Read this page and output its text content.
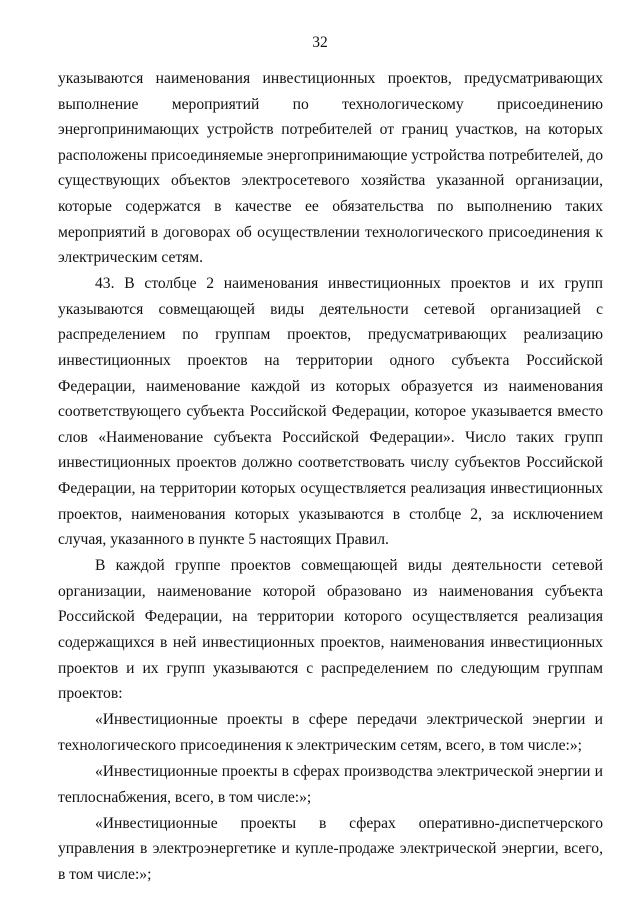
32

указываются наименования инвестиционных проектов, предусматривающих выполнение мероприятий по технологическому присоединению энергопринимающих устройств потребителей от границ участков, на которых расположены присоединяемые энергопринимающие устройства потребителей, до существующих объектов электросетевого хозяйства указанной организации, которые содержатся в качестве ее обязательства по выполнению таких мероприятий в договорах об осуществлении технологического присоединения к электрическим сетям.

43. В столбце 2 наименования инвестиционных проектов и их групп указываются совмещающей виды деятельности сетевой организацией с распределением по группам проектов, предусматривающих реализацию инвестиционных проектов на территории одного субъекта Российской Федерации, наименование каждой из которых образуется из наименования соответствующего субъекта Российской Федерации, которое указывается вместо слов «Наименование субъекта Российской Федерации». Число таких групп инвестиционных проектов должно соответствовать числу субъектов Российской Федерации, на территории которых осуществляется реализация инвестиционных проектов, наименования которых указываются в столбце 2, за исключением случая, указанного в пункте 5 настоящих Правил.

В каждой группе проектов совмещающей виды деятельности сетевой организации, наименование которой образовано из наименования субъекта Российской Федерации, на территории которого осуществляется реализация содержащихся в ней инвестиционных проектов, наименования инвестиционных проектов и их групп указываются с распределением по следующим группам проектов:

«Инвестиционные проекты в сфере передачи электрической энергии и технологического присоединения к электрическим сетям, всего, в том числе:»;

«Инвестиционные проекты в сферах производства электрической энергии и теплоснабжения, всего, в том числе:»;

«Инвестиционные проекты в сферах оперативно-диспетчерского управления в электроэнергетике и купле-продаже электрической энергии, всего, в том числе:»;
